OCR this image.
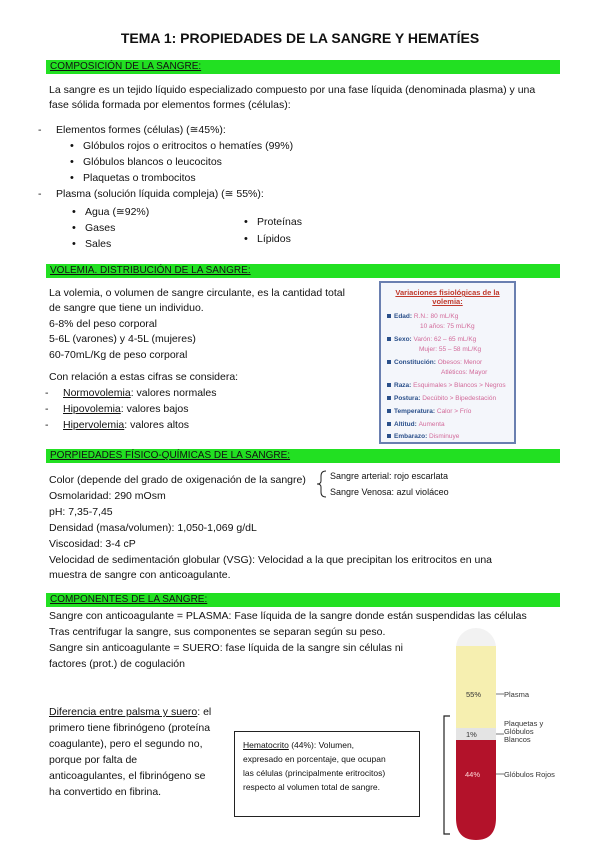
TEMA 1: PROPIEDADES DE LA SANGRE Y HEMATÍES
COMPOSICIÓN DE LA SANGRE:
La sangre es un tejido líquido especializado compuesto por una fase líquida (denominada plasma) y una
fase sólida formada por elementos formes (células):
- Elementos formes (células) (≅45%):
• Glóbulos rojos o eritrocitos o hematíes (99%)
• Glóbulos blancos o leucocitos
• Plaquetas o trombocitos
- Plasma (solución líquida compleja) (≅ 55%):
• Agua (≅92%)
• Gases
• Sales
• Proteínas
• Lípidos
VOLEMIA. DISTRIBUCIÓN DE LA SANGRE:
La volemia, o volumen de sangre circulante, es la cantidad total
de sangre que tiene un individuo.
6-8% del peso corporal
5-6L (varones) y 4-5L (mujeres)
60-70mL/Kg de peso corporal
Con relación a estas cifras se considera:
- Normovolemia: valores normales
- Hipovolemia: valores bajos
- Hipervolemia: valores altos
Variaciones fisiológicas de la
volemia:
Edad: R.N.: 80 mL/Kg
10 años: 75 mL/Kg
Sexo: Varón: 62 – 65 mL/Kg
Mujer: 55 – 58 mL/Kg
Constitución: Obesos: Menor
Atléticos: Mayor
Raza: Esquimales > Blancos > Negros
Postura: Decúbito > Bipedestación
Temperatura: Calor > Frío
Altitud: Aumenta
Embarazo: Disminuye
PORPIEDADES FÍSICO-QUÍMICAS DE LA SANGRE:
Color (depende del grado de oxigenación de la sangre)	Sangre arterial: rojo escarlata
Sangre Venosa: azul violáceo
Osmolaridad: 290 mOsm
pH: 7,35-7,45
Densidad (masa/volumen): 1,050-1,069 g/dL
Viscosidad: 3-4 cP
Velocidad de sedimentación globular (VSG): Velocidad a la que precipitan los eritrocitos en una
muestra de sangre con anticoagulante.
COMPONENTES DE LA SANGRE:
Sangre con anticoagulante = PLASMA: Fase líquida de la sangre donde están suspendidas las células
Tras centrifugar la sangre, sus componentes se separan según su peso.
Sangre sin anticoagulante = SUERO: fase líquida de la sangre sin células ni
factores (prot.) de cogulación
Diferencia entre palsma y suero: el
primero tiene fibrinógeno (proteína
coagulante), pero el segundo no,
porque por falta de
anticoagulantes, el fibrinógeno se
ha convertido en fibrina.
Hematocrito (44%): Volumen,
expresado en porcentaje, que ocupan
las células (principalmente eritrocitos)
respecto al volumen total de sangre.
55%	Plasma
1%
Plaquetas y
Glóbulos
Blancos
44%	Glóbulos Rojos
